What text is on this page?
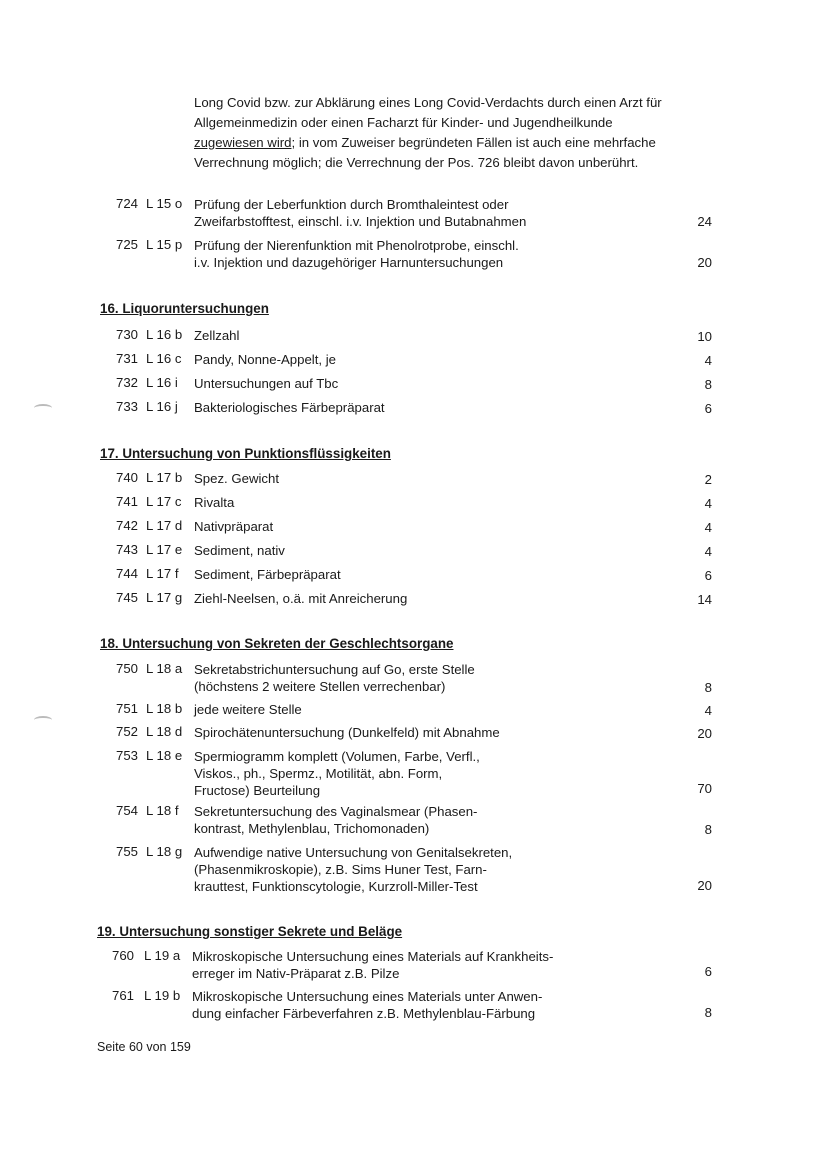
Long Covid bzw. zur Abklärung eines Long Covid-Verdachts durch einen Arzt für
Allgemeinmedizin oder einen Facharzt für Kinder- und Jugendheilkunde
zugewiesen wird; in vom Zuweiser begründeten Fällen ist auch eine mehrfache
Verrechnung möglich; die Verrechnung der Pos. 726 bleibt davon unberührt.
724 L 15 o Prüfung der Leberfunktion durch Bromthaleintest oder
Zweifarbstofftest, einschl. i.v. Injektion und Butabnahmen	24
725 L 15 p Prüfung der Nierenfunktion mit Phenolrotprobe, einschl.
i.v. Injektion und dazugehöriger Harnuntersuchungen	20
16. Liquoruntersuchungen
730 L 16 b Zellzahl	10
731 L 16 c Pandy, Nonne-Appelt, je	4
732 L 16 i Untersuchungen auf Tbc	8
733 L 16 j Bakteriologisches Färbepräparat	6
17. Untersuchung von Punktionsflüssigkeiten
740 L 17 b Spez. Gewicht	2
741 L 17 c Rivalta	4
742 L 17 d Nativpräparat	4
743 L 17 e Sediment, nativ	4
744 L 17 f Sediment, Färbepräparat	6
745 L 17 g Ziehl-Neelsen, o.ä. mit Anreicherung	14
18. Untersuchung von Sekreten der Geschlechtsorgane
750 L 18 a Sekretabstrichuntersuchung auf Go, erste Stelle
(höchstens 2 weitere Stellen verrechenbar)	8
751 L 18 b jede weitere Stelle	4
752 L 18 d Spirochätenuntersuchung (Dunkelfeld) mit Abnahme	20
753 L 18 e Spermiogramm komplett (Volumen, Farbe, Verfl.,
Viskos., ph., Spermz., Motilität, abn. Form,
Fructose) Beurteilung	70
754 L 18 f Sekretuntersuchung des Vaginalsmear (Phasen-
kontrast, Methylenblau, Trichomonaden)	8
755 L 18 g Aufwendige native Untersuchung von Genitalsekreten,
(Phasenmikroskopie), z.B. Sims Huner Test, Farn-
krauttest, Funktionscytologie, Kurzroll-Miller-Test	20
19. Untersuchung sonstiger Sekrete und Beläge
760 L 19 a Mikroskopische Untersuchung eines Materials auf Krankheits-
erreger im Nativ-Präparat z.B. Pilze	6
761 L 19 b Mikroskopische Untersuchung eines Materials unter Anwen-
dung einfacher Färbeverfahren z.B. Methylenblau-Färbung	8
Seite 60 von 159
